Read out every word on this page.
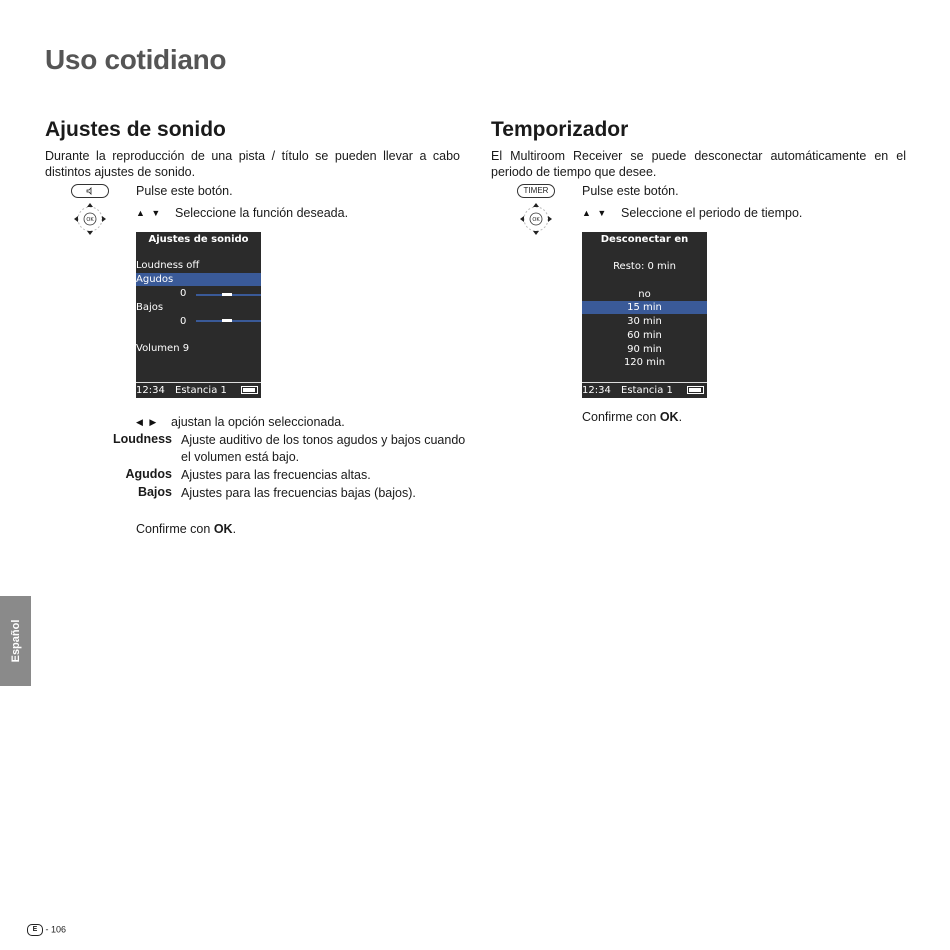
Uso cotidiano
Ajustes de sonido
Durante la reproducción de una pista / título se pueden llevar a cabo distintos ajustes de sonido.
Pulse este botón.
OK
▲ ▼ Seleccione la función deseada.
Ajustes de sonido
Loudness off
Agudos
0
Bajos
0
Volumen 9
12:34	Estancia 1
◀ ▶ ajustan la opción seleccionada.
Loudness Ajuste auditivo de los tonos agudos y bajos cuando el volumen está bajo.
Agudos Ajustes para las frecuencias altas.
Bajos Ajustes para las frecuencias bajas (bajos).
Confirme con OK.
Temporizador
El Multiroom Receiver se puede desconectar automáticamente en el periodo de tiempo que desee.
TIMER	Pulse este botón.
OK
▲ ▼ Seleccione el periodo de tiempo.
Desconectar en
Resto: 0 min
no
15 min
30 min
60 min
90 min
120 min
12:34	Estancia 1
Confirme con OK.
Español
E - 106
